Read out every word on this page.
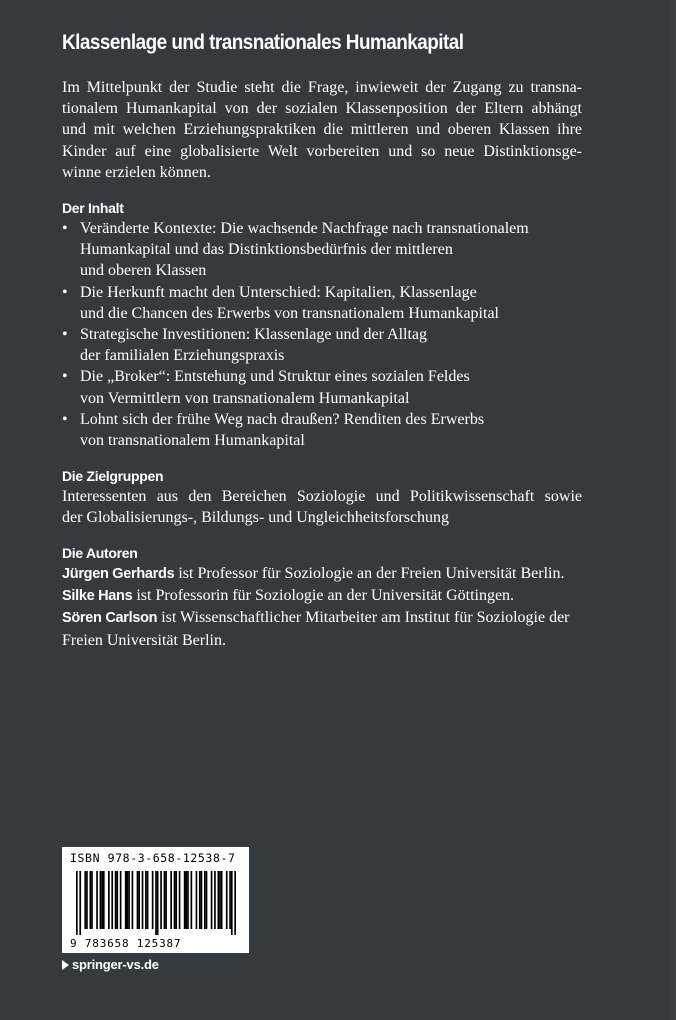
Klassenlage und transnationales Humankapital
Im Mittelpunkt der Studie steht die Frage, inwieweit der Zugang zu transna-
tionalem Humankapital von der sozialen Klassenposition der Eltern abhängt
und mit welchen Erziehungspraktiken die mittleren und oberen Klassen ihre
Kinder auf eine globalisierte Welt vorbereiten und so neue Distinktionsge-
winne erzielen können.
Der Inhalt
• Veränderte Kontexte: Die wachsende Nachfrage nach transnationalem
Humankapital und das Distinktionsbedürfnis der mittleren
und oberen Klassen
• Die Herkunft macht den Unterschied: Kapitalien, Klassenlage
und die Chancen des Erwerbs von transnationalem Humankapital
• Strategische Investitionen: Klassenlage und der Alltag
der familialen Erziehungspraxis
• Die „Broker“: Entstehung und Struktur eines sozialen Feldes
von Vermittlern von transnationalem Humankapital
• Lohnt sich der frühe Weg nach draußen? Renditen des Erwerbs
von transnationalem Humankapital
Die Zielgruppen
Interessenten aus den Bereichen Soziologie und Politikwissenschaft sowie
der Globalisierungs-, Bildungs- und Ungleichheitsforschung
Die Autoren
Jürgen Gerhards ist Professor für Soziologie an der Freien Universität Berlin.
Silke Hans ist Professorin für Soziologie an der Universität Göttingen.
Sören Carlson ist Wissenschaftlicher Mitarbeiter am Institut für Soziologie der
Freien Universität Berlin.
ISBN 978-3-658-12538-7
9 783658 125387
springer-vs.de
